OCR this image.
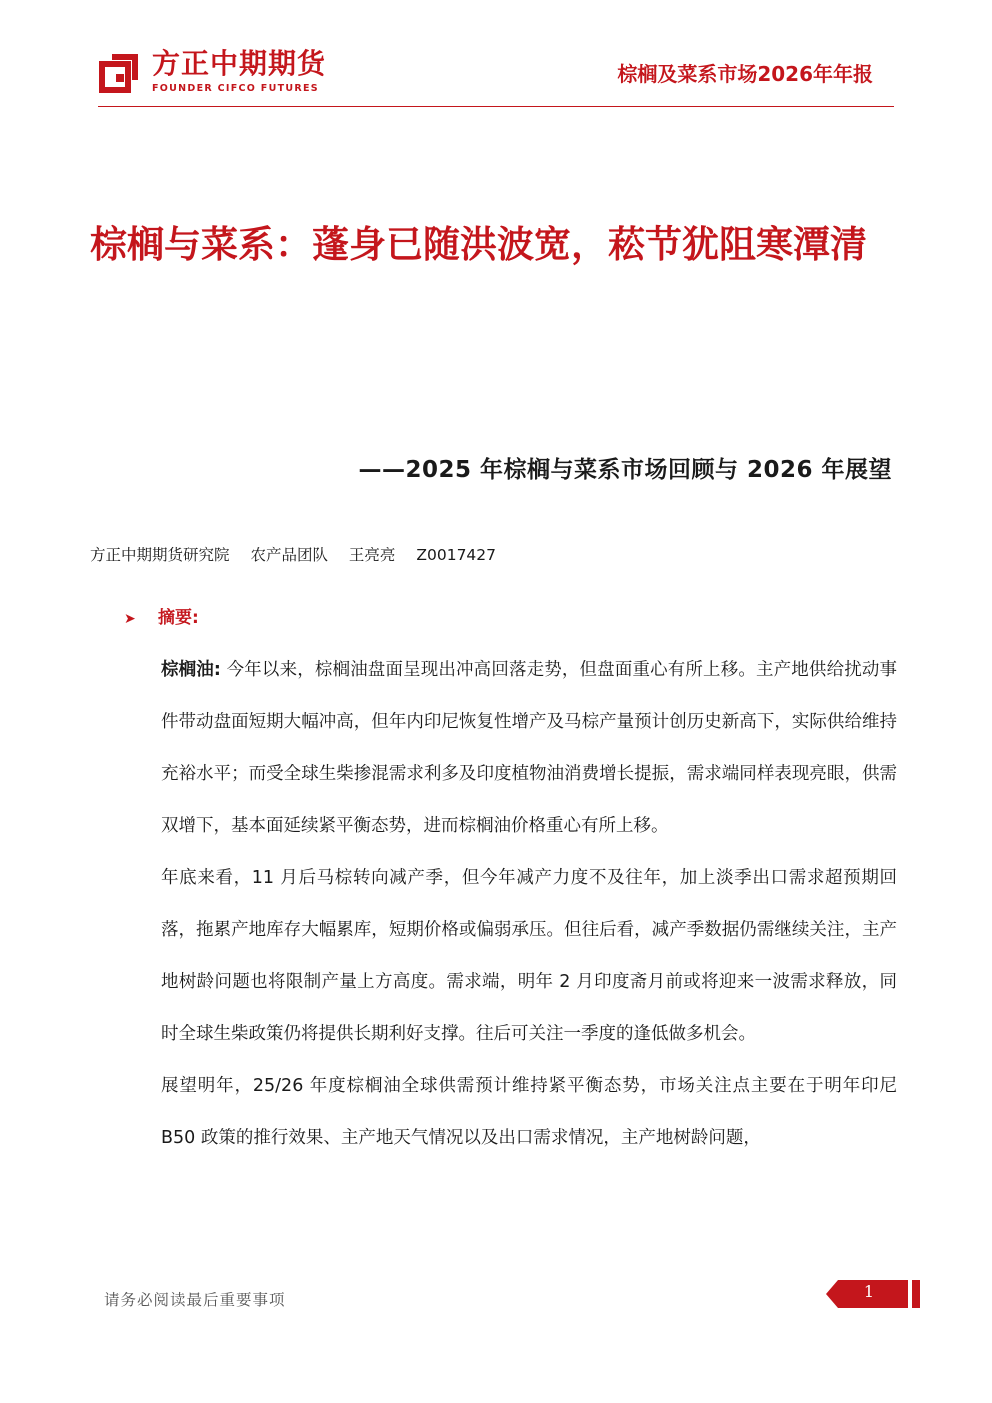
方正中期期货
FOUNDER CIFCO FUTURES
棕榈及菜系市场2026年年报
棕榈与菜系：蓬身已随洪波宽，菘节犹阻寒潭清
——2025 年棕榈与菜系市场回顾与 2026 年展望
方正中期期货研究院 农产品团队 王亮亮 Z0017427
➤ 摘要:

棕榈油: 今年以来，棕榈油盘面呈现出冲高回落走势，但盘面重心有所上移。主产地供给扰动事件带动盘面短期大幅冲高，但年内印尼恢复性增产及马棕产量预计创历史新高下，实际供给维持充裕水平；而受全球生柴掺混需求利多及印度植物油消费增长提振，需求端同样表现亮眼，供需双增下，基本面延续紧平衡态势，进而棕榈油价格重心有所上移。

年底来看，11 月后马棕转向减产季，但今年减产力度不及往年，加上淡季出口需求超预期回落，拖累产地库存大幅累库，短期价格或偏弱承压。但往后看，减产季数据仍需继续关注，主产地树龄问题也将限制产量上方高度。需求端，明年 2 月印度斋月前或将迎来一波需求释放，同时全球生柴政策仍将提供长期利好支撑。往后可关注一季度的逢低做多机会。

展望明年，25/26 年度棕榈油全球供需预计维持紧平衡态势，市场关注点主要在于明年印尼 B50 政策的推行效果、主产地天气情况以及出口需求情况，主产地树龄问题，

请务必阅读最后重要事项	1
